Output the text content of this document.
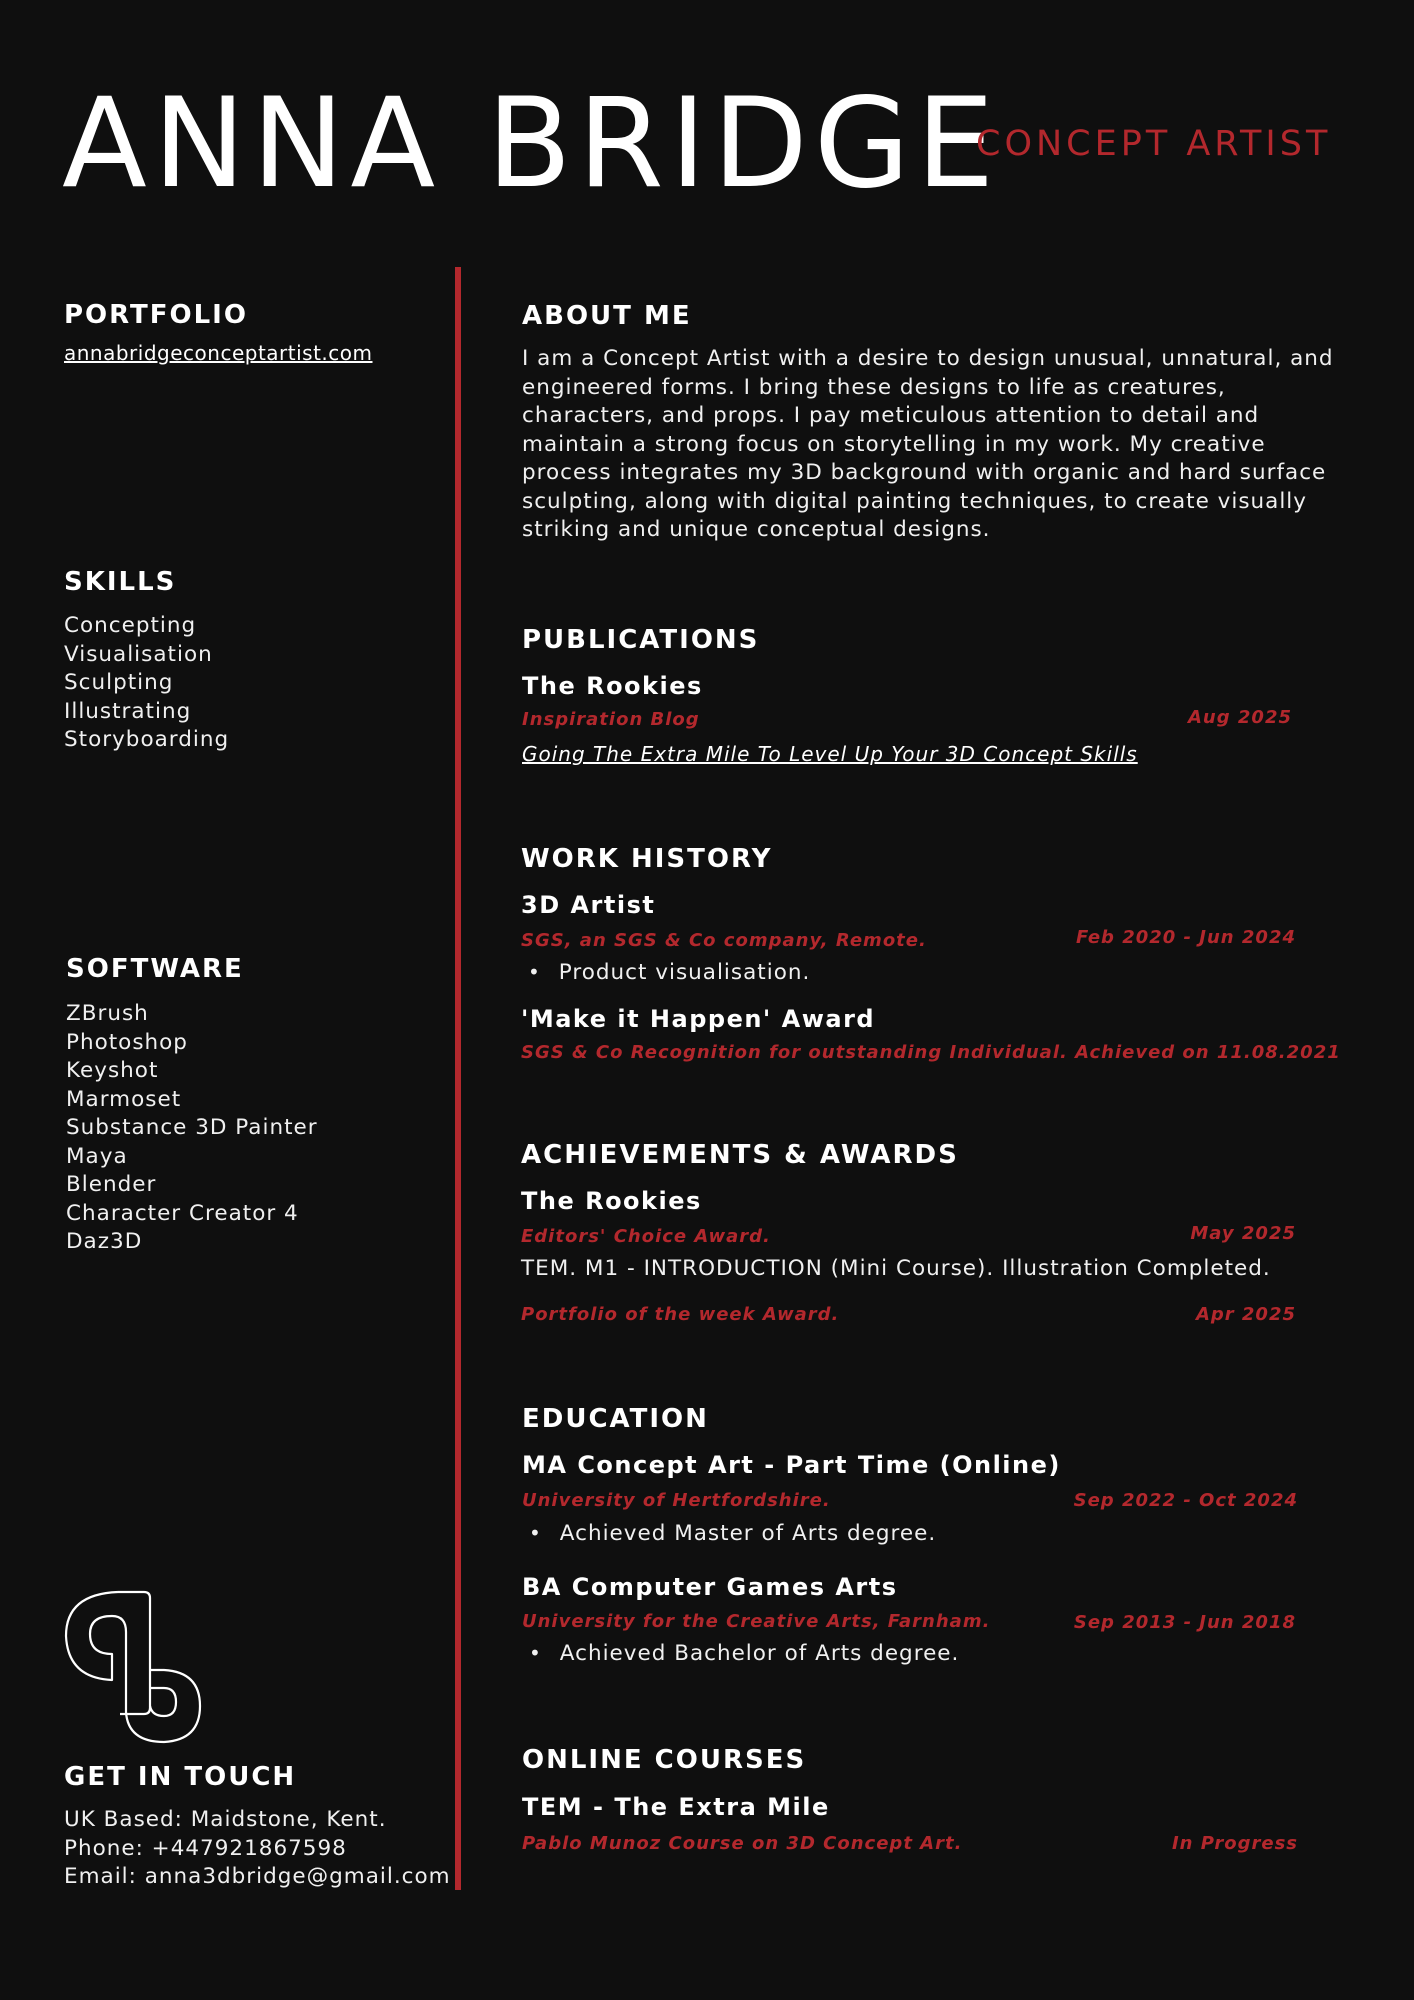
ANNA BRIDGE
CONCEPT ARTIST
PORTFOLIO
annabridgeconceptartist.com
SKILLS
Concepting
Visualisation
Sculpting
Illustrating
Storyboarding
SOFTWARE
ZBrush
Photoshop
Keyshot
Marmoset
Substance 3D Painter
Maya
Blender
Character Creator 4
Daz3D
GET IN TOUCH
UK Based: Maidstone, Kent.
Phone: +447921867598
Email: anna3dbridge@gmail.com
ABOUT ME
I am a Concept Artist with a desire to design unusual, unnatural, and
engineered forms. I bring these designs to life as creatures,
characters, and props. I pay meticulous attention to detail and
maintain a strong focus on storytelling in my work. My creative
process integrates my 3D background with organic and hard surface
sculpting, along with digital painting techniques, to create visually
striking and unique conceptual designs.
PUBLICATIONS
The Rookies
Inspiration Blog	Aug 2025
Going The Extra Mile To Level Up Your 3D Concept Skills
WORK HISTORY
3D Artist
SGS, an SGS & Co company, Remote.	Feb 2020 - Jun 2024
• Product visualisation.
'Make it Happen' Award
SGS & Co Recognition for outstanding Individual. Achieved on 11.08.2021
ACHIEVEMENTS & AWARDS
The Rookies
Editors' Choice Award.	May 2025
TEM. M1 - INTRODUCTION (Mini Course). Illustration Completed.
Portfolio of the week Award.	Apr 2025
EDUCATION
MA Concept Art - Part Time (Online)
University of Hertfordshire.	Sep 2022 - Oct 2024
• Achieved Master of Arts degree.
BA Computer Games Arts
University for the Creative Arts, Farnham.	Sep 2013 - Jun 2018
• Achieved Bachelor of Arts degree.
ONLINE COURSES
TEM - The Extra Mile
Pablo Munoz Course on 3D Concept Art.	In Progress
